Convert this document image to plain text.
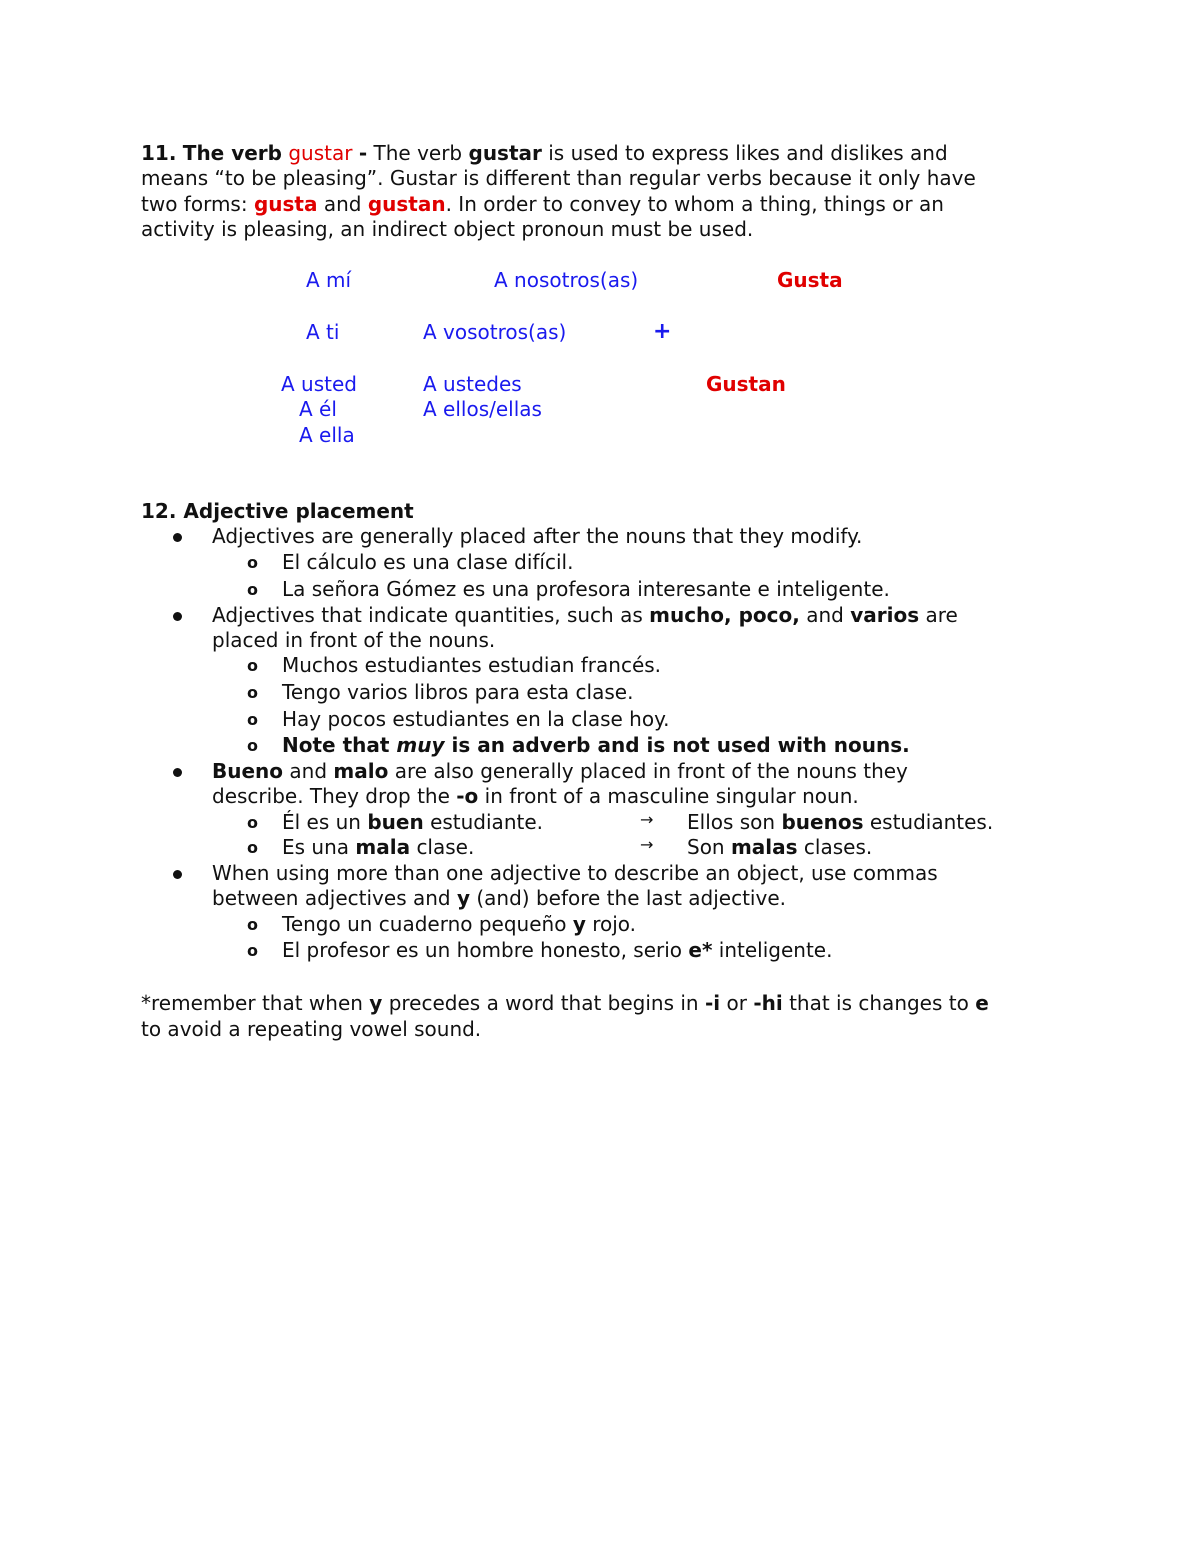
11. The verb gustar - The verb gustar is used to express likes and dislikes and
means “to be pleasing”. Gustar is different than regular verbs because it only have
two forms: gusta and gustan. In order to convey to whom a thing, things or an
activity is pleasing, an indirect object pronoun must be used.
A mí	A nosotros(as)	Gusta
A ti	A vosotros(as)	+
A usted	A ustedes	Gustan
A él	A ellos/ellas
A ella
12. Adjective placement
Adjectives are generally placed after the nouns that they modify.
o El cálculo es una clase difícil.
o La señora Gómez es una profesora interesante e inteligente.
Adjectives that indicate quantities, such as mucho, poco, and varios are
placed in front of the nouns.
o Muchos estudiantes estudian francés.
o Tengo varios libros para esta clase.
o Hay pocos estudiantes en la clase hoy.
o Note that muy is an adverb and is not used with nouns.
Bueno and malo are also generally placed in front of the nouns they
describe. They drop the -o in front of a masculine singular noun.
o Él es un buen estudiante.	→ Ellos son buenos estudiantes.
o Es una mala clase.	→ Son malas clases.
When using more than one adjective to describe an object, use commas
between adjectives and y (and) before the last adjective.
o Tengo un cuaderno pequeño y rojo.
o El profesor es un hombre honesto, serio e* inteligente.
*remember that when y precedes a word that begins in -i or -hi that is changes to e
to avoid a repeating vowel sound.
